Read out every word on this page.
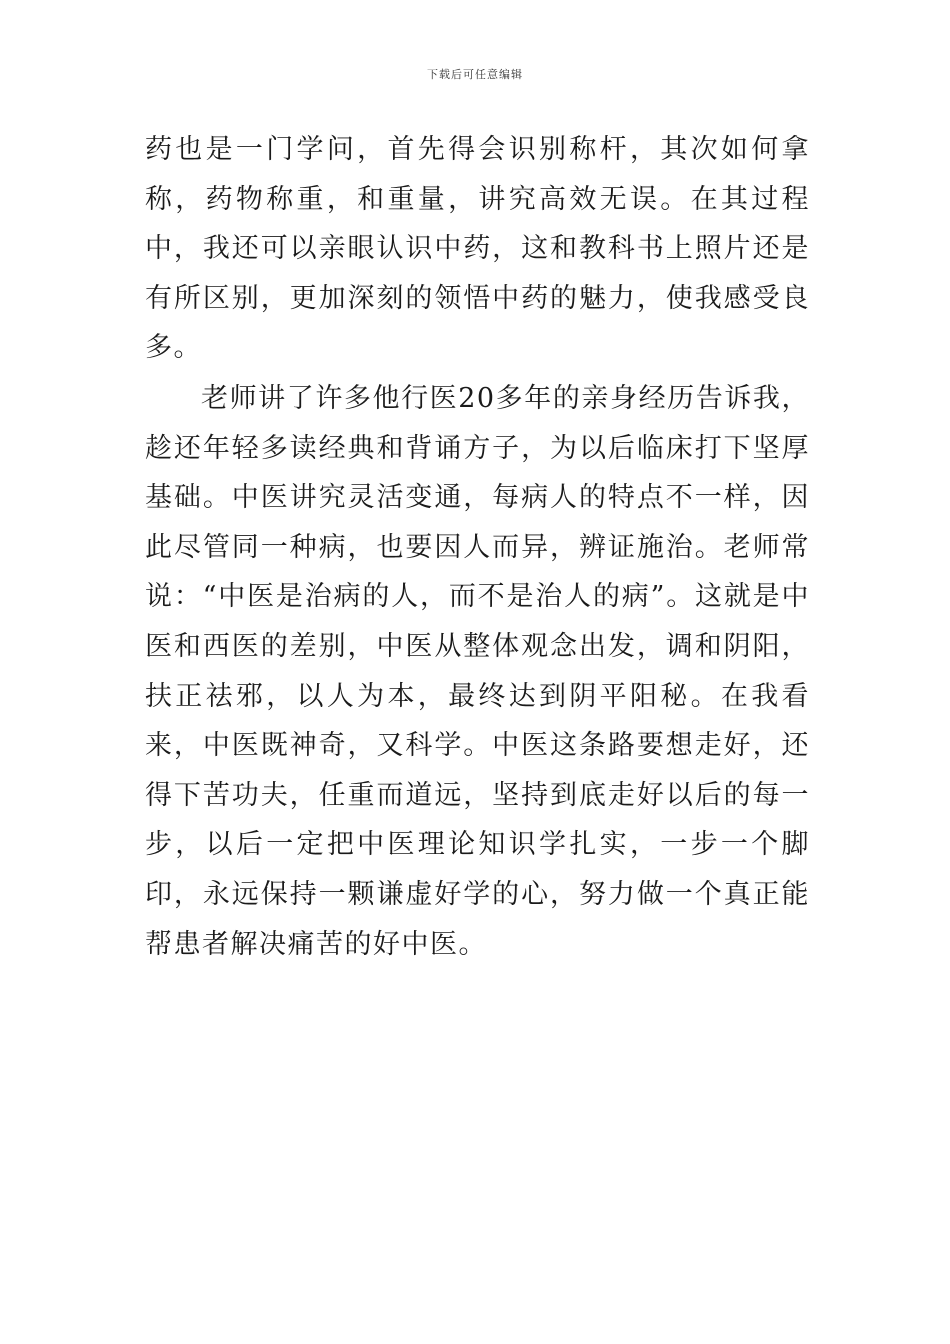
下载后可任意编辑

药也是一门学问，首先得会识别称杆，其次如何拿称，药物称重，和重量，讲究高效无误。在其过程中，我还可以亲眼认识中药，这和教科书上照片还是有所区别，更加深刻的领悟中药的魅力，使我感受良多。

老师讲了许多他行医20多年的亲身经历告诉我，趁还年轻多读经典和背诵方子，为以后临床打下坚厚基础。中医讲究灵活变通，每病人的特点不一样，因此尽管同一种病，也要因人而异，辨证施治。老师常说：“中医是治病的人，而不是治人的病”。这就是中医和西医的差别，中医从整体观念出发，调和阴阳，扶正祛邪，以人为本，最终达到阴平阳秘。在我看来，中医既神奇，又科学。中医这条路要想走好，还得下苦功夫，任重而道远，坚持到底走好以后的每一步，以后一定把中医理论知识学扎实，一步一个脚印，永远保持一颗谦虚好学的心，努力做一个真正能帮患者解决痛苦的好中医。
